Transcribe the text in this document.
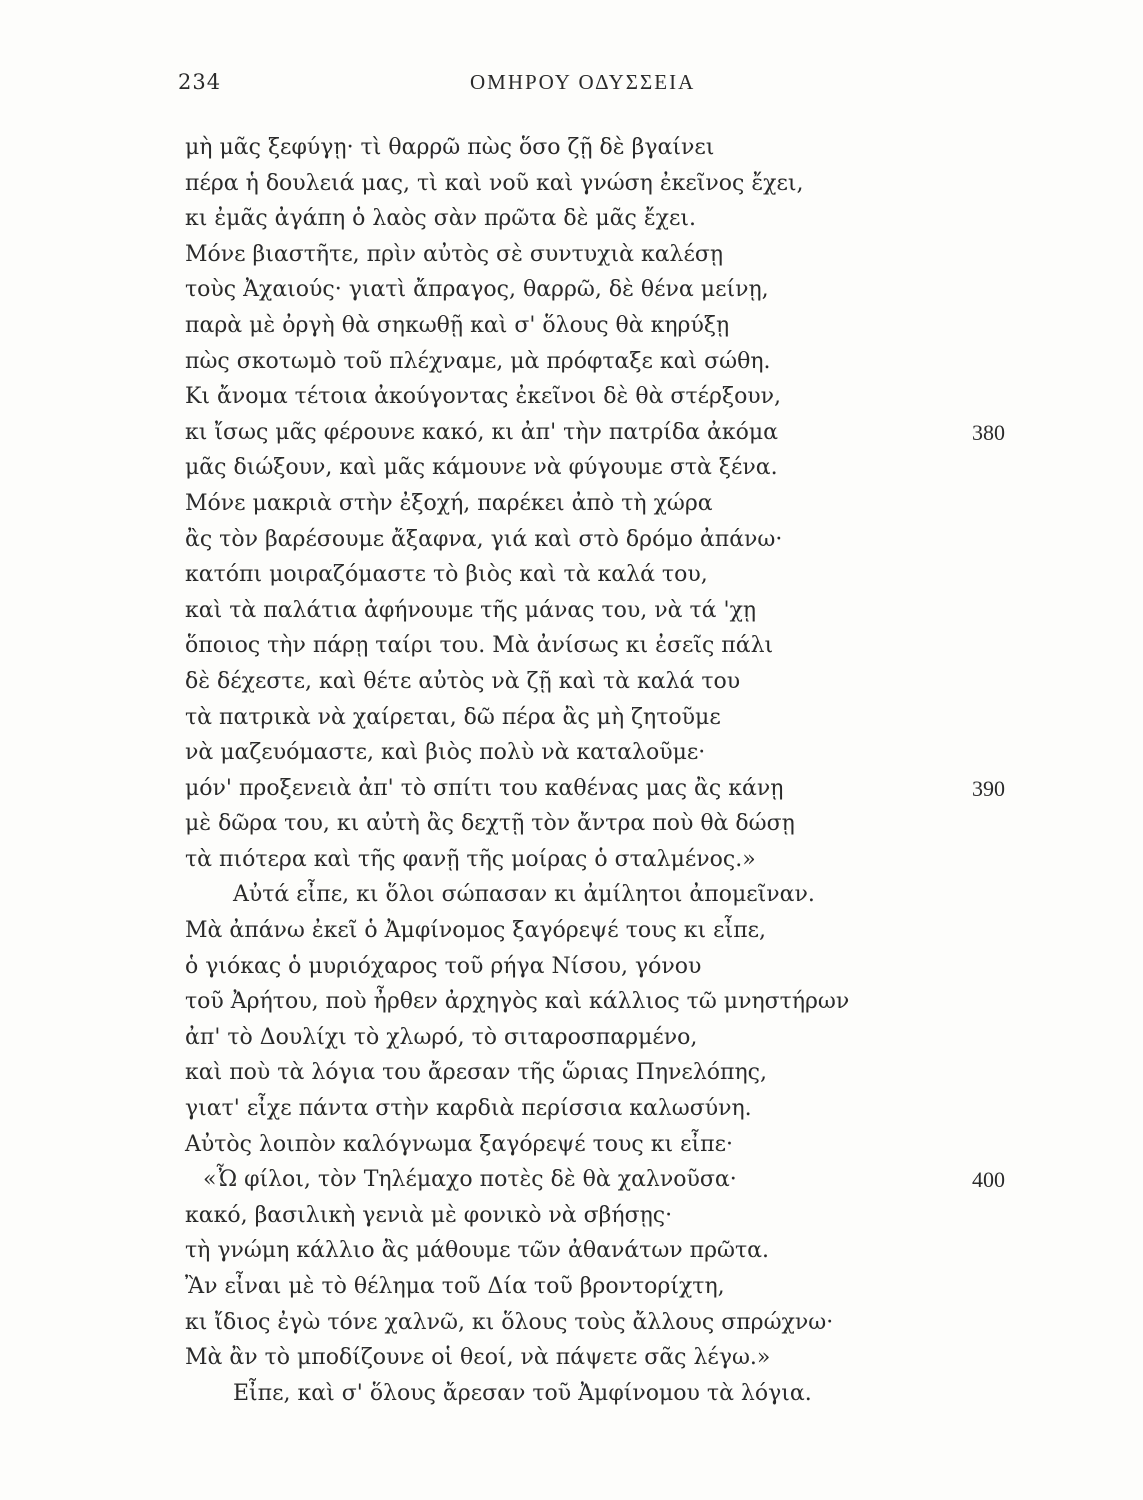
234	ΟΜΗΡΟΥ ΟΔΥΣΣΕΙΑ
μὴ μᾶς ξεφύγῃ· τὶ θαρρῶ πὼς ὅσο ζῇ δὲ βγαίνει
πέρα ἡ δουλειά μας, τὶ καὶ νοῦ καὶ γνώση ἐκεῖνος ἔχει,
κι ἐμᾶς ἀγάπη ὁ λαὸς σὰν πρῶτα δὲ μᾶς ἔχει.
Μόνε βιαστῆτε, πρὶν αὐτὸς σὲ συντυχιὰ καλέσῃ
τοὺς Ἀχαιούς· γιατὶ ἄπραγος, θαρρῶ, δὲ θένα μείνῃ,
παρὰ μὲ ὀργὴ θὰ σηκωθῇ καὶ σ' ὅλους θὰ κηρύξῃ
πὼς σκοτωμὸ τοῦ πλέχναμε, μὰ πρόφταξε καὶ σώθη.
Κι ἄνομα τέτοια ἀκούγοντας ἐκεῖνοι δὲ θὰ στέρξουν,
κι ἴσως μᾶς φέρουνε κακό, κι ἀπ' τὴν πατρίδα ἀκόμα	380
μᾶς διώξουν, καὶ μᾶς κάμουνε νὰ φύγουμε στὰ ξένα.
Μόνε μακριὰ στὴν ἐξοχή, παρέκει ἀπὸ τὴ χώρα
ἂς τὸν βαρέσουμε ἄξαφνα, γιά καὶ στὸ δρόμο ἀπάνω·
κατόπι μοιραζόμαστε τὸ βιὸς καὶ τὰ καλά του,
καὶ τὰ παλάτια ἀφήνουμε τῆς μάνας του, νὰ τά 'χῃ
ὅποιος τὴν πάρῃ ταίρι του. Μὰ ἀνίσως κι ἐσεῖς πάλι
δὲ δέχεστε, καὶ θέτε αὐτὸς νὰ ζῇ καὶ τὰ καλά του
τὰ πατρικὰ νὰ χαίρεται, δῶ πέρα ἂς μὴ ζητοῦμε
νὰ μαζευόμαστε, καὶ βιὸς πολὺ νὰ καταλοῦμε·
μόν' προξενειὰ ἀπ' τὸ σπίτι του καθένας μας ἂς κάνῃ	390
μὲ δῶρα του, κι αὐτὴ ἂς δεχτῇ τὸν ἄντρα ποὺ θὰ δώσῃ
τὰ πιότερα καὶ τῆς φανῇ τῆς μοίρας ὁ σταλμένος.»
Αὐτά εἶπε, κι ὅλοι σώπασαν κι ἀμίλητοι ἀπομεῖναν.
Μὰ ἀπάνω ἐκεῖ ὁ Ἀμφίνομος ξαγόρεψέ τους κι εἶπε,
ὁ γιόκας ὁ μυριόχαρος τοῦ ρήγα Νίσου, γόνου
τοῦ Ἀρήτου, ποὺ ἦρθεν ἀρχηγὸς καὶ κάλλιος τῶ μνηστήρων
ἀπ' τὸ Δουλίχι τὸ χλωρό, τὸ σιταροσπαρμένο,
καὶ ποὺ τὰ λόγια του ἄρεσαν τῆς ὥριας Πηνελόπης,
γιατ' εἶχε πάντα στὴν καρδιὰ περίσσια καλωσύνη.
Αὐτὸς λοιπὸν καλόγνωμα ξαγόρεψέ τους κι εἶπε·
«Ὦ φίλοι, τὸν Τηλέμαχο ποτὲς δὲ θὰ χαλνοῦσα·	400
κακό, βασιλικὴ γενιὰ μὲ φονικὸ νὰ σβήσῃς·
τὴ γνώμη κάλλιο ἂς μάθουμε τῶν ἀθανάτων πρῶτα.
Ἂν εἶναι μὲ τὸ θέλημα τοῦ Δία τοῦ βροντορίχτη,
κι ἴδιος ἐγὼ τόνε χαλνῶ, κι ὅλους τοὺς ἄλλους σπρώχνω·
Μὰ ἂν τὸ μποδίζουνε οἱ θεοί, νὰ πάψετε σᾶς λέγω.»
Εἶπε, καὶ σ' ὅλους ἄρεσαν τοῦ Ἀμφίνομου τὰ λόγια.
